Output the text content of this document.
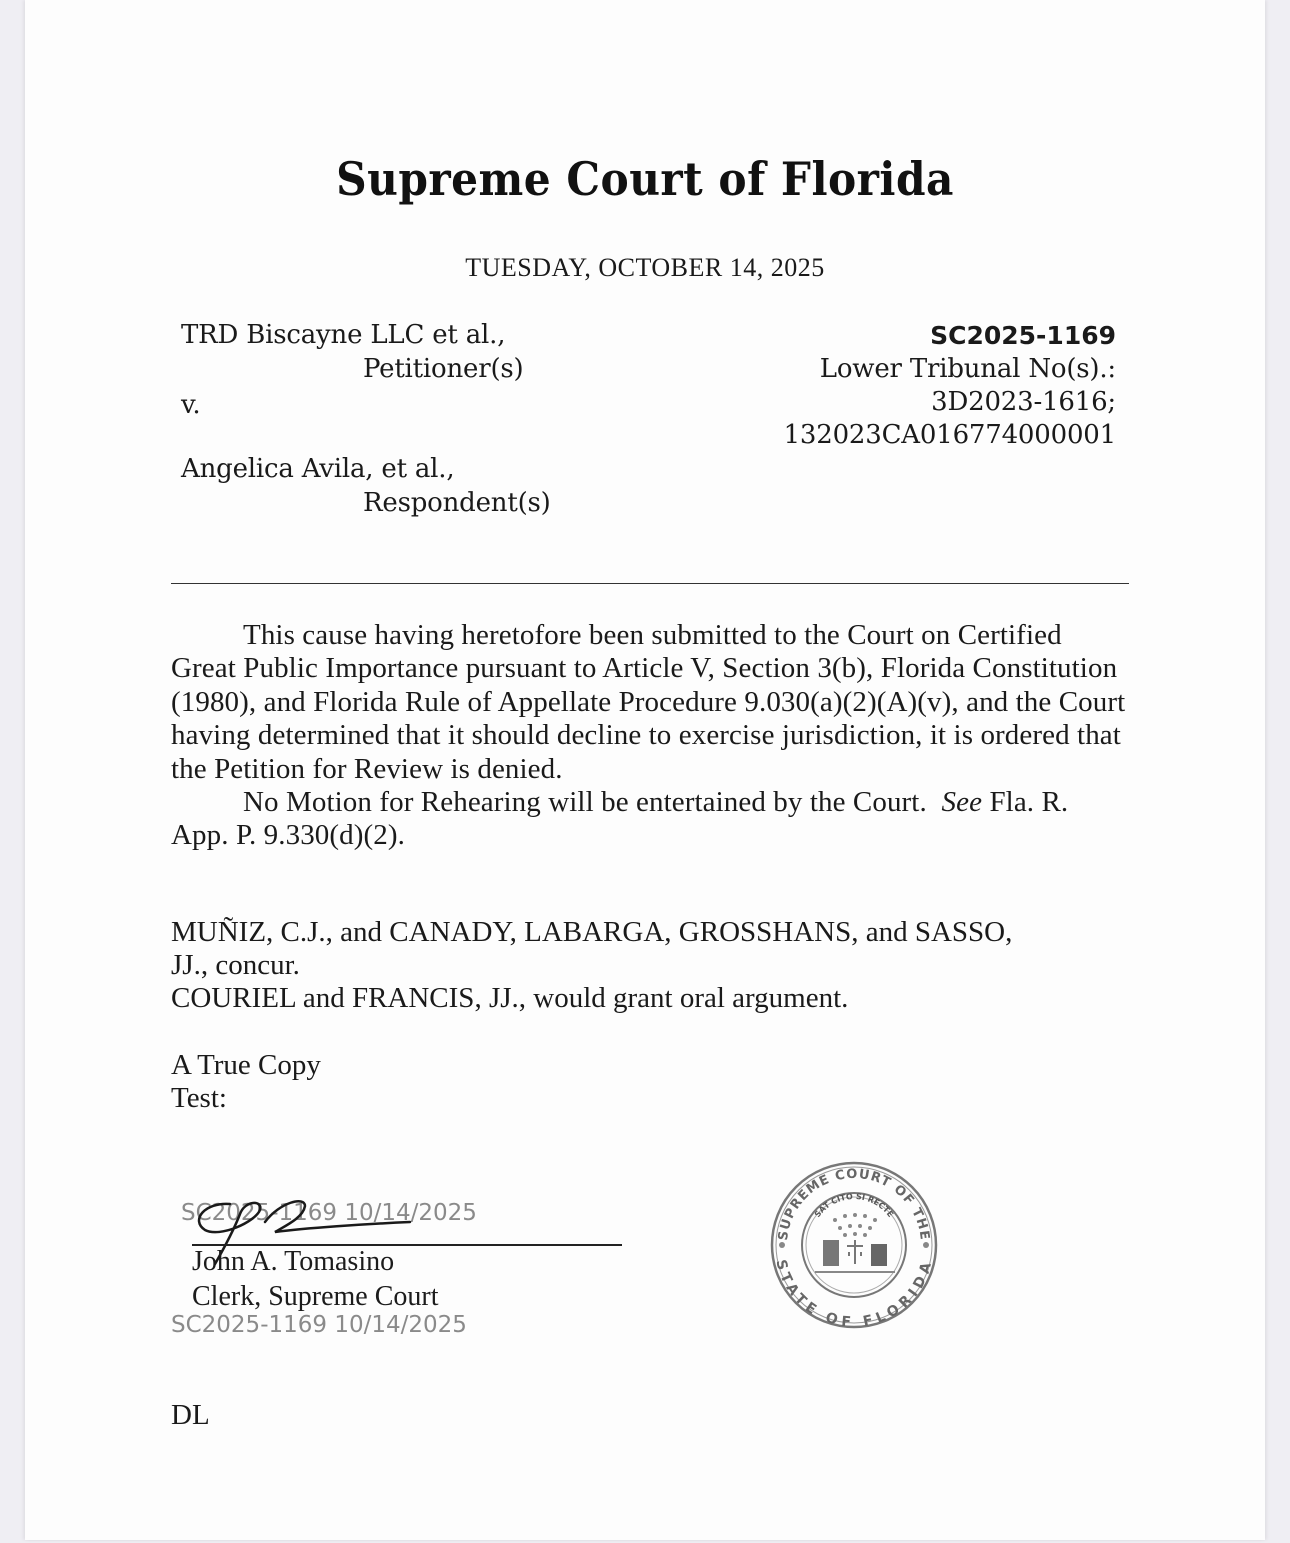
Supreme Court of Florida
TUESDAY, OCTOBER 14, 2025
TRD Biscayne LLC et al.,
Petitioner(s)
v.
Angelica Avila, et al.,
Respondent(s)
SC2025-1169
Lower Tribunal No(s).:
3D2023-1616;
132023CA016774000001

This cause having heretofore been submitted to the Court on Certified Great Public Importance pursuant to Article V, Section 3(b), Florida Constitution (1980), and Florida Rule of Appellate Procedure 9.030(a)(2)(A)(v), and the Court having determined that it should decline to exercise jurisdiction, it is ordered that the Petition for Review is denied.

No Motion for Rehearing will be entertained by the Court. See Fla. R. App. P. 9.330(d)(2).

MUÑIZ, C.J., and CANADY, LABARGA, GROSSHANS, and SASSO,
JJ., concur.
COURIEL and FRANCIS, JJ., would grant oral argument.
A True Copy
Test:
SC2025-1169 10/14/2025
John A. Tomasino
Clerk, Supreme Court
SC2025-1169 10/14/2025
SUPREME COURT OF THE
STATE OF FLORIDA
SAT CITO SI RECTE
DL
